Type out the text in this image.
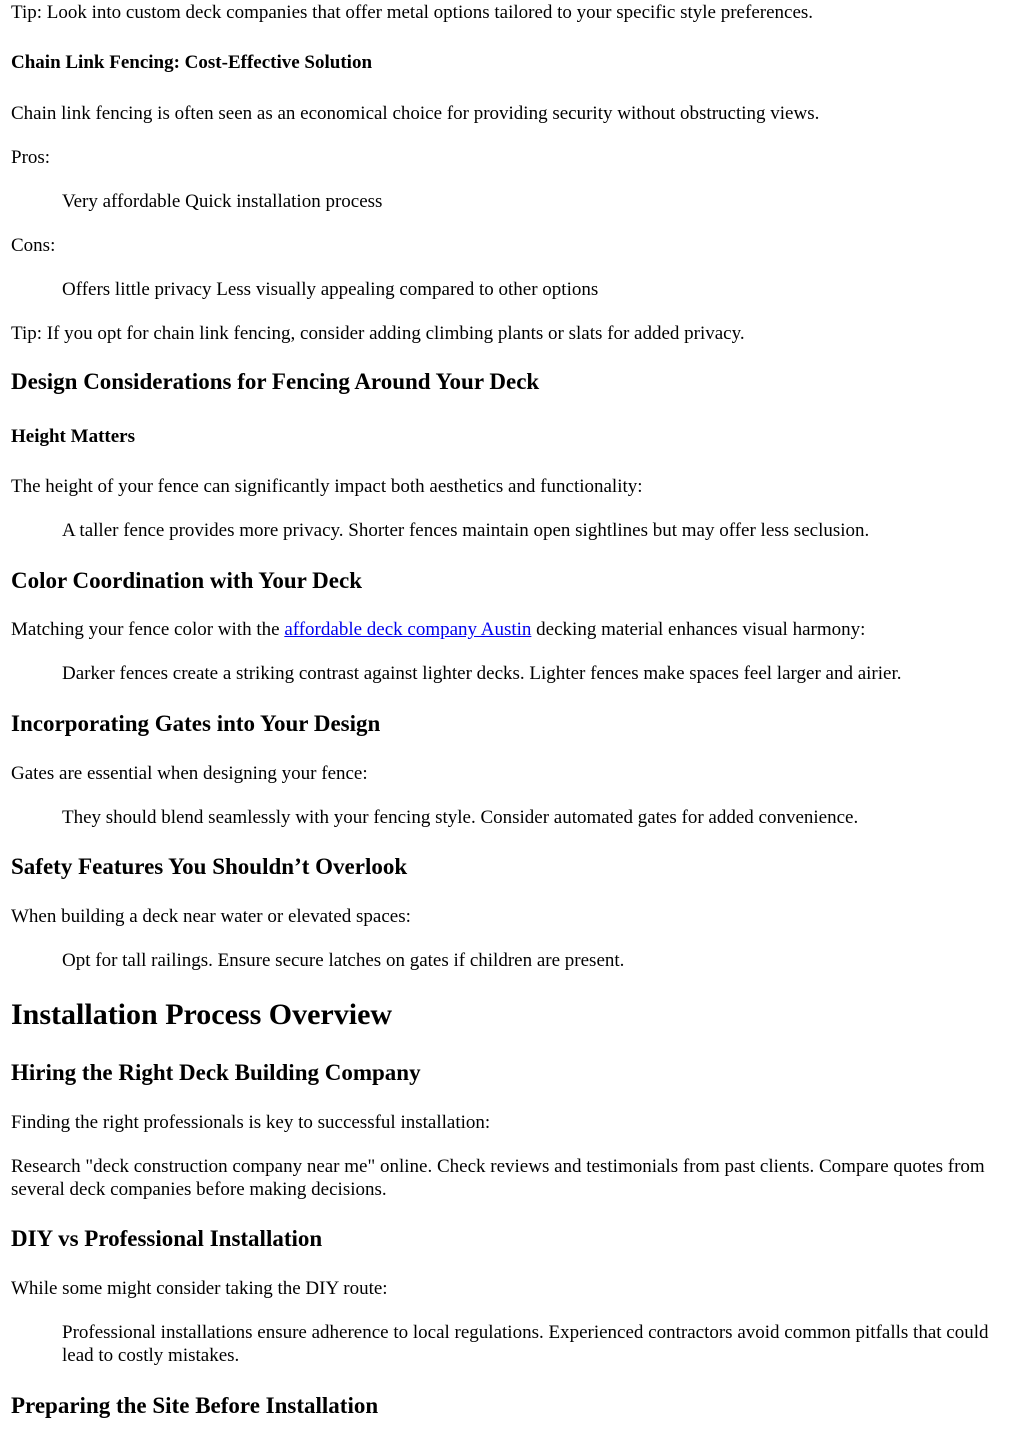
Tip: Look into custom deck companies that offer metal options tailored to your specific style preferences.

Chain Link Fencing: Cost-Effective Solution

Chain link fencing is often seen as an economical choice for providing security without obstructing views.

Pros:

Very affordable Quick installation process

Cons:

Offers little privacy Less visually appealing compared to other options

Tip: If you opt for chain link fencing, consider adding climbing plants or slats for added privacy.

Design Considerations for Fencing Around Your Deck
Height Matters

The height of your fence can significantly impact both aesthetics and functionality:

A taller fence provides more privacy. Shorter fences maintain open sightlines but may offer less seclusion.

Color Coordination with Your Deck

Matching your fence color with the affordable deck company Austin decking material enhances visual harmony:

Darker fences create a striking contrast against lighter decks. Lighter fences make spaces feel larger and airier.

Incorporating Gates into Your Design

Gates are essential when designing your fence:

They should blend seamlessly with your fencing style. Consider automated gates for added convenience.

Safety Features You Shouldn’t Overlook

When building a deck near water or elevated spaces:

Opt for tall railings. Ensure secure latches on gates if children are present.

Installation Process Overview
Hiring the Right Deck Building Company

Finding the right professionals is key to successful installation:

Research "deck construction company near me" online. Check reviews and testimonials from past clients. Compare quotes from several deck companies before making decisions.

DIY vs Professional Installation

While some might consider taking the DIY route:

Professional installations ensure adherence to local regulations. Experienced contractors avoid common pitfalls that could lead to costly mistakes.

Preparing the Site Before Installation
